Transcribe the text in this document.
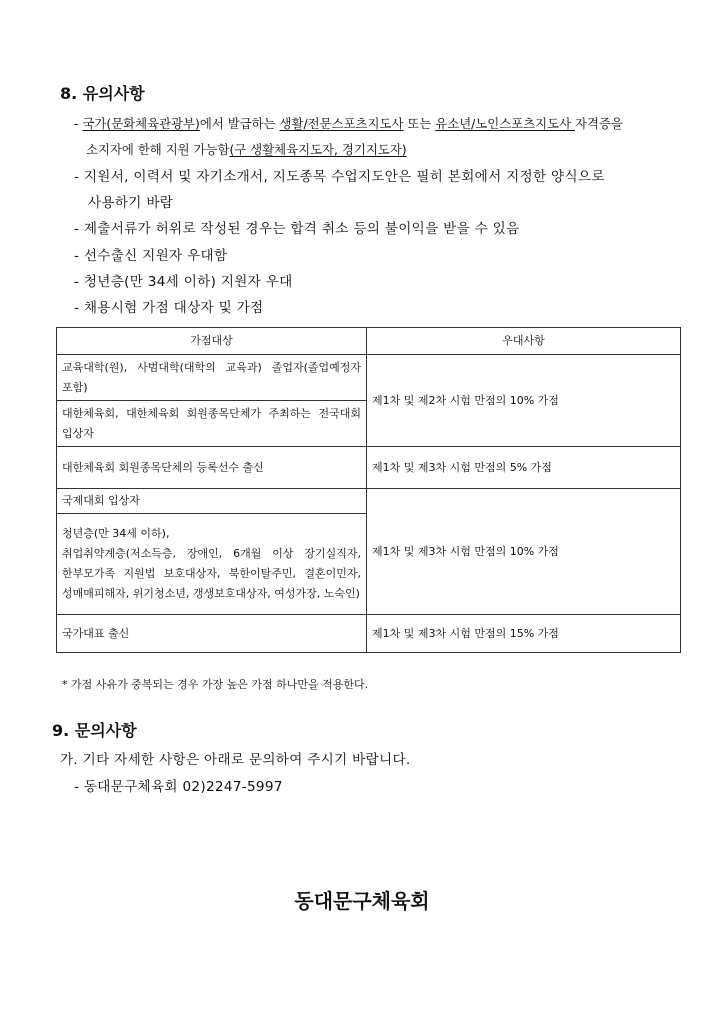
8. 유의사항
- 국가(문화체육관광부)에서 발급하는 생활/전문스포츠지도사 또는 유소년/노인스포츠지도사 자격증을
소지자에 한해 지원 가능함(구 생활체육지도자, 경기지도자)
- 지원서, 이력서 및 자기소개서, 지도종목 수업지도안은 필히 본회에서 지정한 양식으로
사용하기 바람
- 제출서류가 허위로 작성된 경우는 합격 취소 등의 불이익을 받을 수 있음
- 선수출신 지원자 우대함
- 청년층(만 34세 이하) 지원자 우대
- 채용시험 가점 대상자 및 가점
가점대상	우대사항
교육대학(원), 사범대학(대학의 교육과) 졸업자(졸업예정자 포함)	제1차 및 제2차 시험 만점의 10% 가점
대한체육회, 대한체육회 회원종목단체가 주최하는 전국대회 입상자	
대한체육회 회원종목단체의 등록선수 출신	제1차 및 제3차 시험 만점의 5% 가점
국제대회 입상자	제1차 및 제3차 시험 만점의 10% 가점
청년층(만 34세 이하),
취업취약계층(저소득층, 장애인, 6개월 이상 장기실직자, 한부모가족 지원법 보호대상자, 북한이탈주민, 결혼이민자, 성매매피해자, 위기청소년, 갱생보호대상자, 여성가장, 노숙인)	
국가대표 출신	제1차 및 제3차 시험 만점의 15% 가점
* 가점 사유가 중복되는 경우 가장 높은 가점 하나만을 적용한다.
9. 문의사항
가. 기타 자세한 사항은 아래로 문의하여 주시기 바랍니다.
- 동대문구체육회 02)2247-5997
동대문구체육회
